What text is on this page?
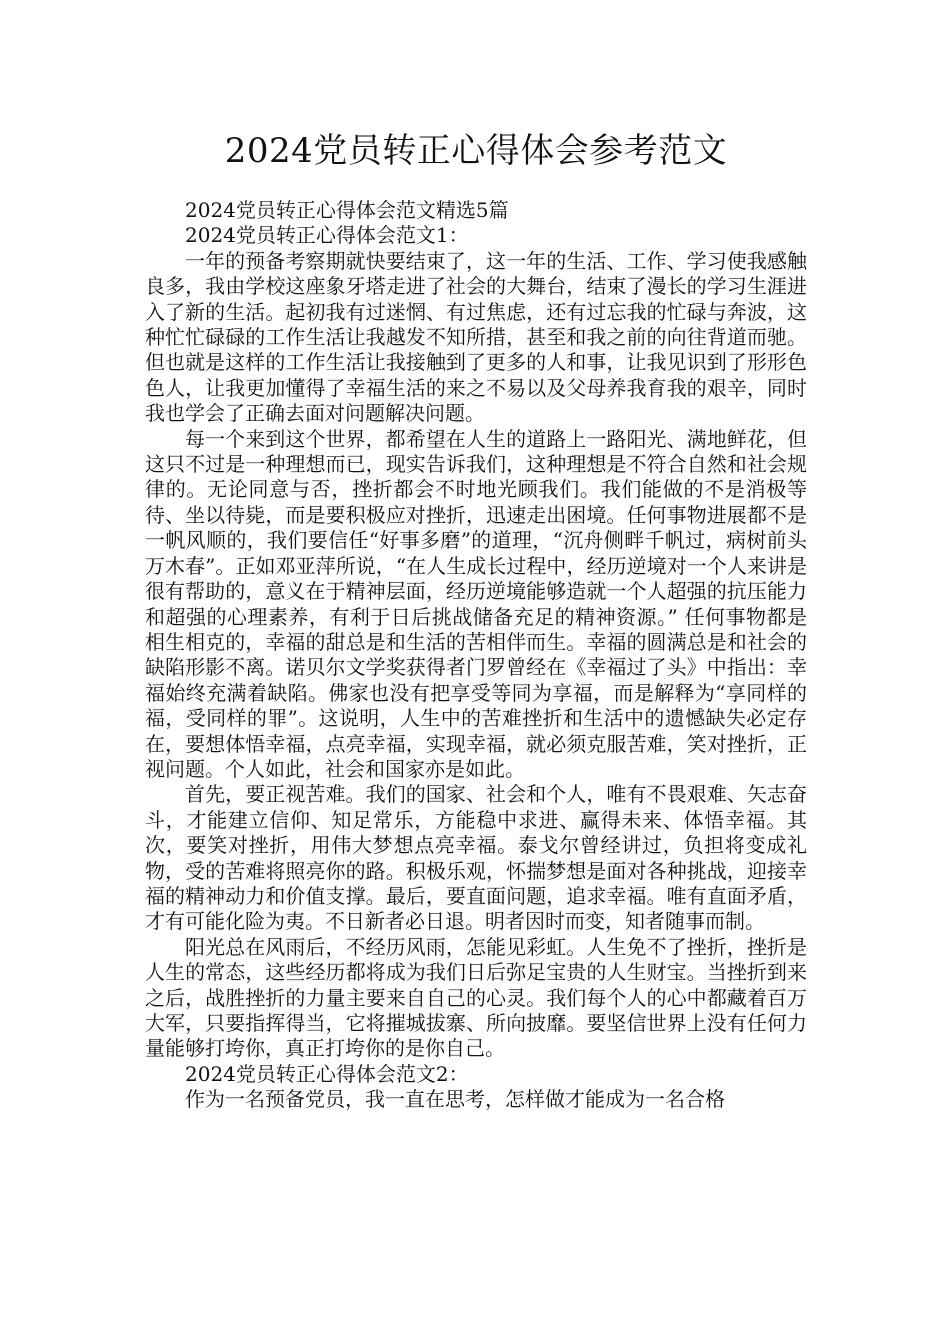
2024党员转正心得体会参考范文

2024党员转正心得体会范文精选5篇

2024党员转正心得体会范文1：

一年的预备考察期就快要结束了，这一年的生活、工作、学习使我感触良多，我由学校这座象牙塔走进了社会的大舞台，结束了漫长的学习生涯进入了新的生活。起初我有过迷惘、有过焦虑，还有过忘我的忙碌与奔波，这种忙忙碌碌的工作生活让我越发不知所措，甚至和我之前的向往背道而驰。但也就是这样的工作生活让我接触到了更多的人和事，让我见识到了形形色色人，让我更加懂得了幸福生活的来之不易以及父母养我育我的艰辛，同时我也学会了正确去面对问题解决问题。

每一个来到这个世界，都希望在人生的道路上一路阳光、满地鲜花，但这只不过是一种理想而已，现实告诉我们，这种理想是不符合自然和社会规律的。无论同意与否，挫折都会不时地光顾我们。我们能做的不是消极等待、坐以待毙，而是要积极应对挫折，迅速走出困境。任何事物进展都不是一帆风顺的，我们要信任“好事多磨”的道理，“沉舟侧畔千帆过，病树前头万木春”。正如邓亚萍所说，“在人生成长过程中，经历逆境对一个人来讲是很有帮助的，意义在于精神层面，经历逆境能够造就一个人超强的抗压能力和超强的心理素养，有利于日后挑战储备充足的精神资源。” 任何事物都是相生相克的，幸福的甜总是和生活的苦相伴而生。幸福的圆满总是和社会的缺陷形影不离。诺贝尔文学奖获得者门罗曾经在《幸福过了头》中指出：幸福始终充满着缺陷。佛家也没有把享受等同为享福，而是解释为“享同样的福，受同样的罪”。这说明，人生中的苦难挫折和生活中的遗憾缺失必定存在，要想体悟幸福，点亮幸福，实现幸福，就必须克服苦难，笑对挫折，正视问题。个人如此，社会和国家亦是如此。

首先，要正视苦难。我们的国家、社会和个人，唯有不畏艰难、矢志奋斗，才能建立信仰、知足常乐，方能稳中求进、赢得未来、体悟幸福。其次，要笑对挫折，用伟大梦想点亮幸福。泰戈尔曾经讲过，负担将变成礼物，受的苦难将照亮你的路。积极乐观，怀揣梦想是面对各种挑战，迎接幸福的精神动力和价值支撑。最后，要直面问题，追求幸福。唯有直面矛盾，才有可能化险为夷。不日新者必日退。明者因时而变，知者随事而制。

阳光总在风雨后，不经历风雨，怎能见彩虹。人生免不了挫折，挫折是人生的常态，这些经历都将成为我们日后弥足宝贵的人生财宝。当挫折到来之后，战胜挫折的力量主要来自自己的心灵。我们每个人的心中都藏着百万大军，只要指挥得当，它将摧城拔寨、所向披靡。要坚信世界上没有任何力量能够打垮你，真正打垮你的是你自己。

2024党员转正心得体会范文2：

作为一名预备党员，我一直在思考，怎样做才能成为一名合格
